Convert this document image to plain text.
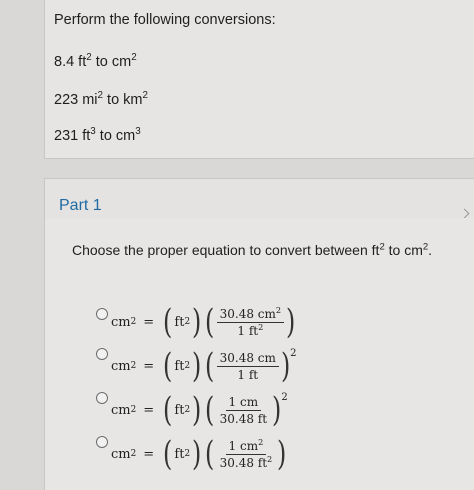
Perform the following conversions:
8.4 $ft^2$ to $cm^2$
223 $mi^2$ to $km^2$
231 $ft^3$ to $cm^3$
Part 1
Choose the proper equation to convert between $ft^2$ to $cm^2$.
cm 2 = ( ft 2 ) ( $\frac{30.48 cm^2}{1 ft^2}$ )
cm 2 = ( ft 2 ) ( $\frac{30.48 cm}{1 ft}$ ) 2
cm 2 = ( ft 2 ) ( $\frac{1 cm}{30.48 ft}$ ) 2
cm 2 = ( ft 2 ) ( $\frac{1 cm^2}{30.48 ft^2}$ )
